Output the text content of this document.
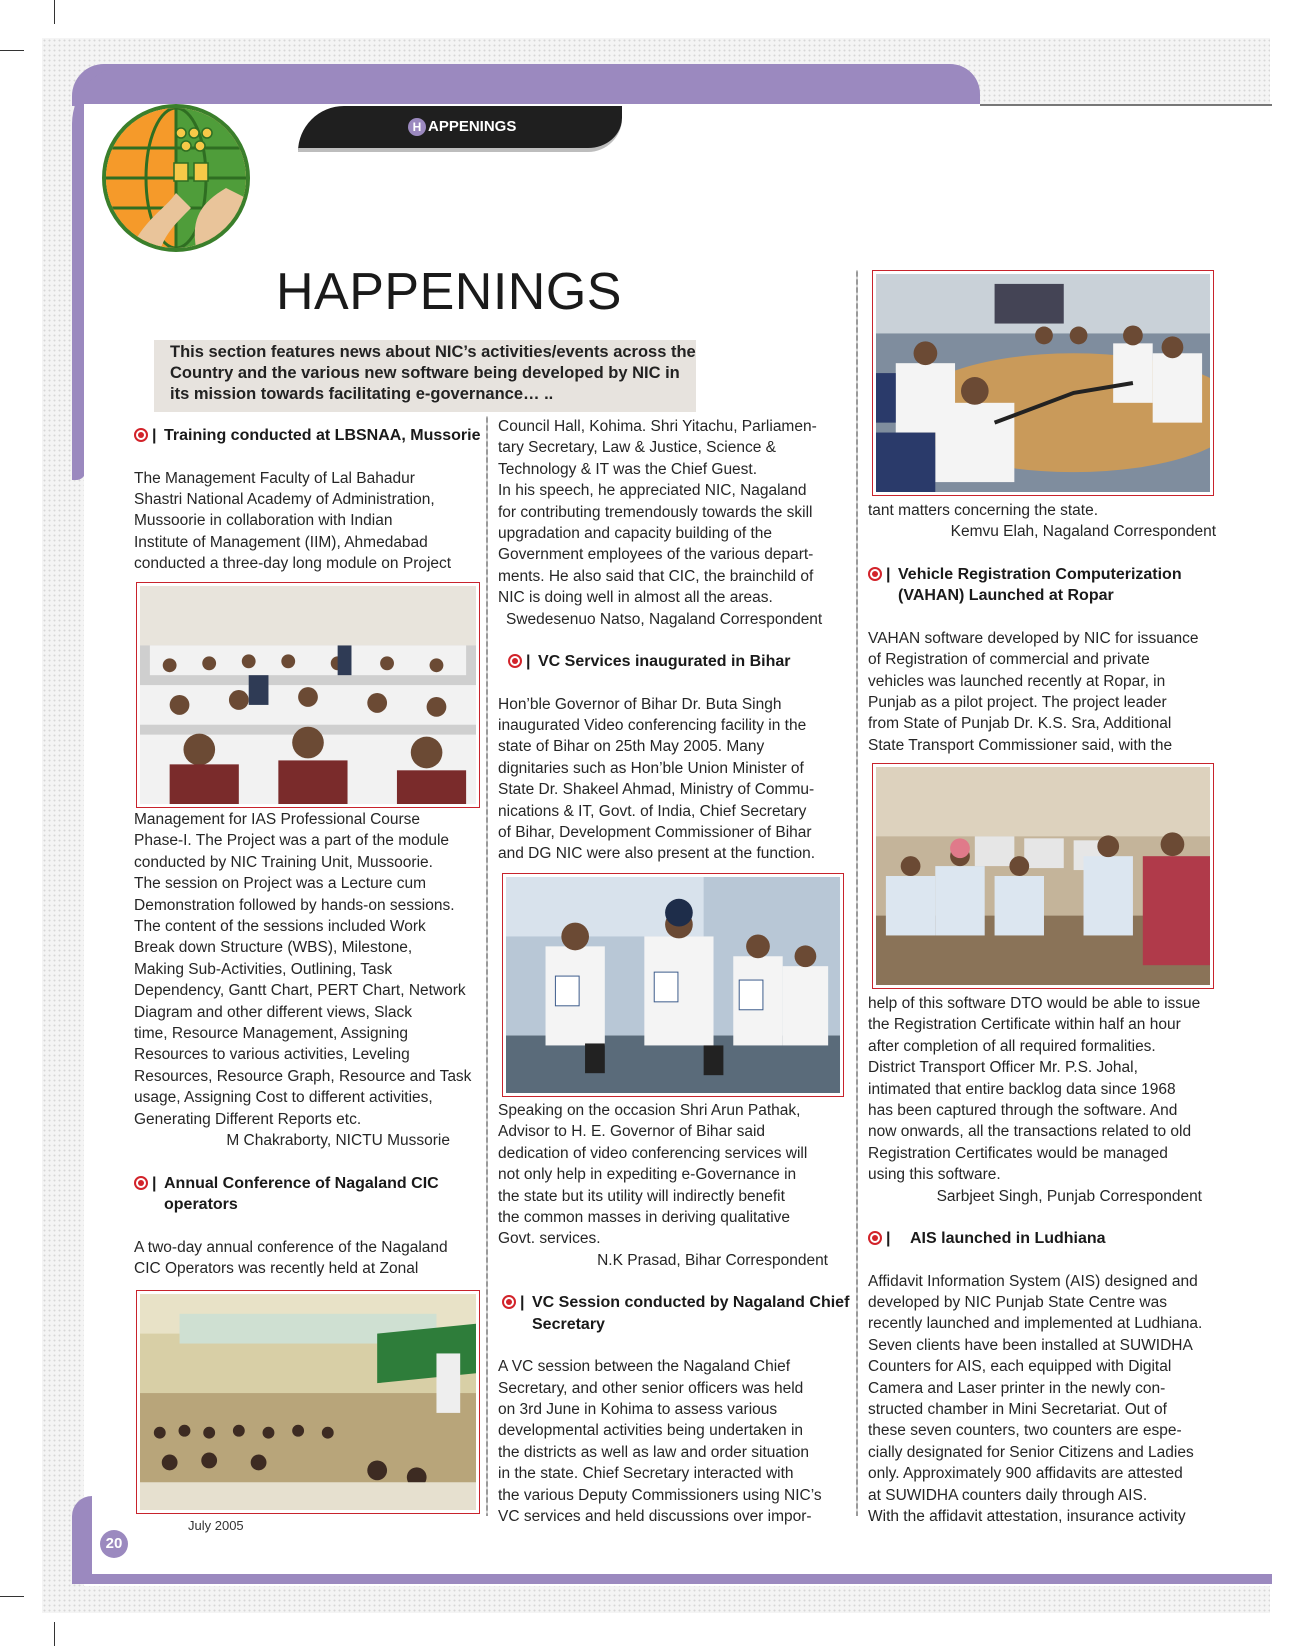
H APPENINGS
HAPPENINGS
This section features news about NIC’s activities/events across the Country and the various new software being developed by NIC in its mission towards facilitating e-governance… ..
| Training conducted at LBSNAA, Mussorie

The Management Faculty of Lal Bahadur
Shastri National Academy of Administration,
Mussoorie in collaboration with Indian
Institute of Management (IIM), Ahmedabad
conducted a three-day long module on Project

Management for IAS Professional Course
Phase-I. The Project was a part of the module
conducted by NIC Training Unit, Mussoorie.
The session on Project was a Lecture cum
Demonstration followed by hands-on sessions.
The content of the sessions included Work
Break down Structure (WBS), Milestone,
Making Sub-Activities, Outlining, Task
Dependency, Gantt Chart, PERT Chart, Network
Diagram and other different views, Slack
time, Resource Management, Assigning
Resources to various activities, Leveling
Resources, Resource Graph, Resource and Task
usage, Assigning Cost to different activities,
Generating Different Reports etc.

M Chakraborty, NICTU Mussorie

| Annual Conference of Nagaland CIC
operators

A two-day annual conference of the Nagaland
CIC Operators was recently held at Zonal

Council Hall, Kohima. Shri Yitachu, Parliamen-
tary Secretary, Law & Justice, Science &
Technology & IT was the Chief Guest.
In his speech, he appreciated NIC, Nagaland
for contributing tremendously towards the skill
upgradation and capacity building of the
Government employees of the various depart-
ments. He also said that CIC, the brainchild of
NIC is doing well in almost all the areas.

Swedesenuo Natso, Nagaland Correspondent

| VC Services inaugurated in Bihar

Hon’ble Governor of Bihar Dr. Buta Singh
inaugurated Video conferencing facility in the
state of Bihar on 25th May 2005. Many
dignitaries such as Hon’ble Union Minister of
State Dr. Shakeel Ahmad, Ministry of Commu-
nications & IT, Govt. of India, Chief Secretary
of Bihar, Development Commissioner of Bihar
and DG NIC were also present at the function.

Speaking on the occasion Shri Arun Pathak,
Advisor to H. E. Governor of Bihar said
dedication of video conferencing services will
not only help in expediting e-Governance in
the state but its utility will indirectly benefit
the common masses in deriving qualitative
Govt. services.

N.K Prasad, Bihar Correspondent

| VC Session conducted by Nagaland Chief
Secretary

A VC session between the Nagaland Chief
Secretary, and other senior officers was held
on 3rd June in Kohima to assess various
developmental activities being undertaken in
the districts as well as law and order situation
in the state. Chief Secretary interacted with
the various Deputy Commissioners using NIC’s
VC services and held discussions over impor-

tant matters concerning the state.

Kemvu Elah, Nagaland Correspondent

| Vehicle Registration Computerization
(VAHAN) Launched at Ropar

VAHAN software developed by NIC for issuance
of Registration of commercial and private
vehicles was launched recently at Ropar, in
Punjab as a pilot project. The project leader
from State of Punjab Dr. K.S. Sra, Additional
State Transport Commissioner said, with the

help of this software DTO would be able to issue
the Registration Certificate within half an hour
after completion of all required formalities.
District Transport Officer Mr. P.S. Johal,
intimated that entire backlog data since 1968
has been captured through the software. And
now onwards, all the transactions related to old
Registration Certificates would be managed
using this software.

Sarbjeet Singh, Punjab Correspondent

| AIS launched in Ludhiana

Affidavit Information System (AIS) designed and
developed by NIC Punjab State Centre was
recently launched and implemented at Ludhiana.
Seven clients have been installed at SUWIDHA
Counters for AIS, each equipped with Digital
Camera and Laser printer in the newly con-
structed chamber in Mini Secretariat. Out of
these seven counters, two counters are espe-
cially designated for Senior Citizens and Ladies
only. Approximately 900 affidavits are attested
at SUWIDHA counters daily through AIS.
With the affidavit attestation, insurance activity

20
July 2005
